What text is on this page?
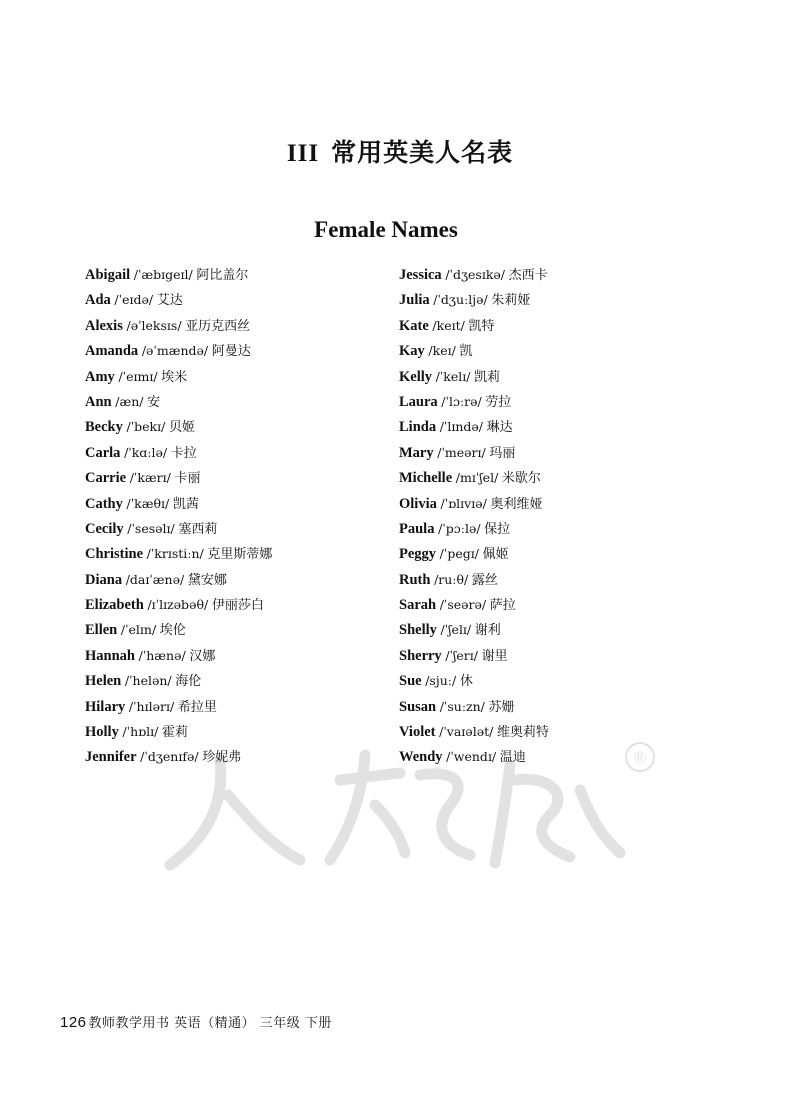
III 常用英美人名表
Female Names
Abigail /ˈæbɪgeɪl/ 阿比盖尔
Ada /ˈeɪdə/ 艾达
Alexis /əˈleksɪs/ 亚历克西丝
Amanda /əˈmændə/ 阿曼达
Amy /ˈeɪmɪ/ 埃米
Ann /æn/ 安
Becky /ˈbekɪ/ 贝姬
Carla /ˈkɑːlə/ 卡拉
Carrie /ˈkærɪ/ 卡丽
Cathy /ˈkæθɪ/ 凯茜
Cecily /ˈsesəlɪ/ 塞西莉
Christine /ˈkrɪstiːn/ 克里斯蒂娜
Diana /daɪˈænə/ 黛安娜
Elizabeth /ɪˈlɪzəbəθ/ 伊丽莎白
Ellen /ˈelɪn/ 埃伦
Hannah /ˈhænə/ 汉娜
Helen /ˈhelən/ 海伦
Hilary /ˈhɪlərɪ/ 希拉里
Holly /ˈhɒlɪ/ 霍莉
Jennifer /ˈdʒenɪfə/ 珍妮弗
Jessica /ˈdʒesɪkə/ 杰西卡
Julia /ˈdʒuːljə/ 朱莉娅
Kate /keɪt/ 凯特
Kay /keɪ/ 凯
Kelly /ˈkelɪ/ 凯莉
Laura /ˈlɔːrə/ 劳拉
Linda /ˈlɪndə/ 琳达
Mary /ˈmeərɪ/ 玛丽
Michelle /mɪˈʃel/ 米歇尔
Olivia /ˈɒlɪvɪə/ 奥利维娅
Paula /ˈpɔːlə/ 保拉
Peggy /ˈpegɪ/ 佩姬
Ruth /ruːθ/ 露丝
Sarah /ˈseərə/ 萨拉
Shelly /ˈʃelɪ/ 谢利
Sherry /ˈʃerɪ/ 谢里
Sue /sjuː/ 休
Susan /ˈsuːzn/ 苏姗
Violet /ˈvaɪələt/ 维奥莉特
Wendy /ˈwendɪ/ 温迪	®
126 教师教学用书 英语（精通） 三年级 下册
